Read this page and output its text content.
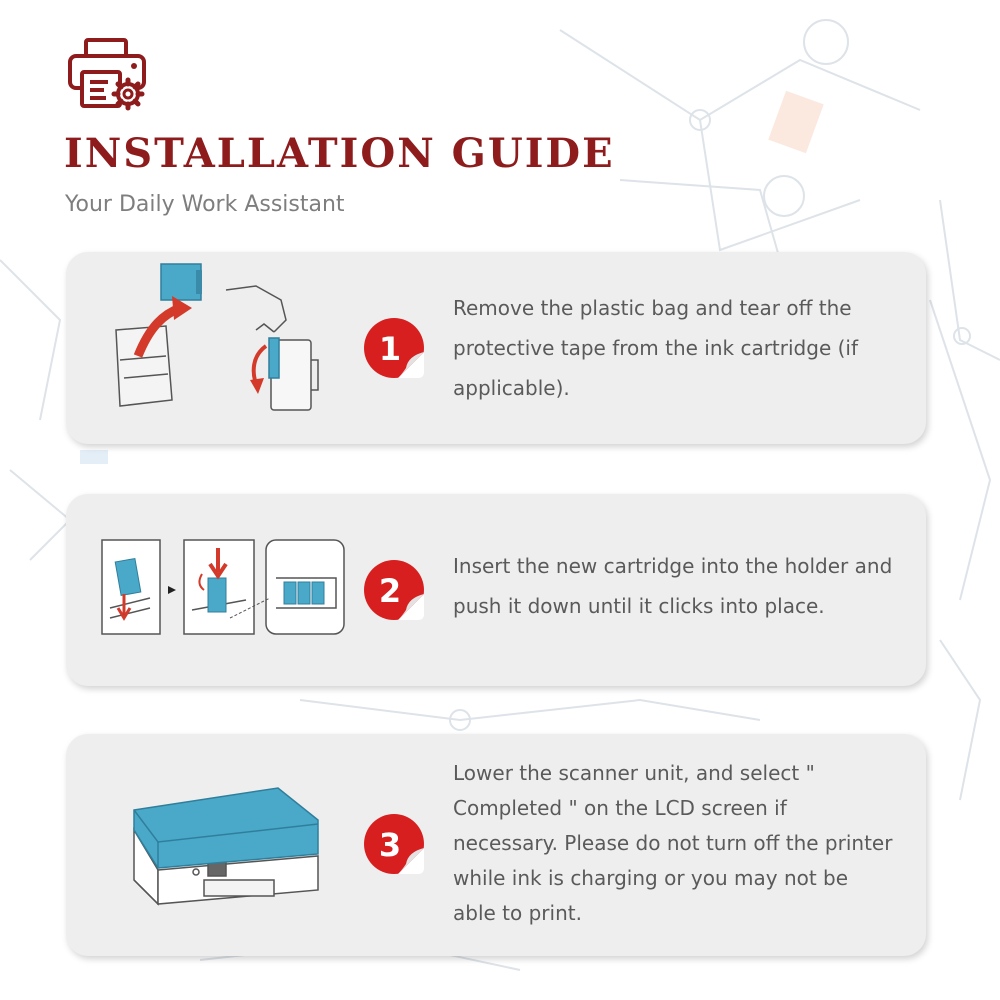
INSTALLATION GUIDE
Your Daily Work Assistant
1

Remove the plastic bag and tear off the protective tape from the ink cartridge (if applicable).

2

Insert the new cartridge into the holder and push it down until it clicks into place.

3

Lower the scanner unit, and select " Completed " on the LCD screen if necessary. Please do not turn off the printer while ink is charging or you may not be able to print.
